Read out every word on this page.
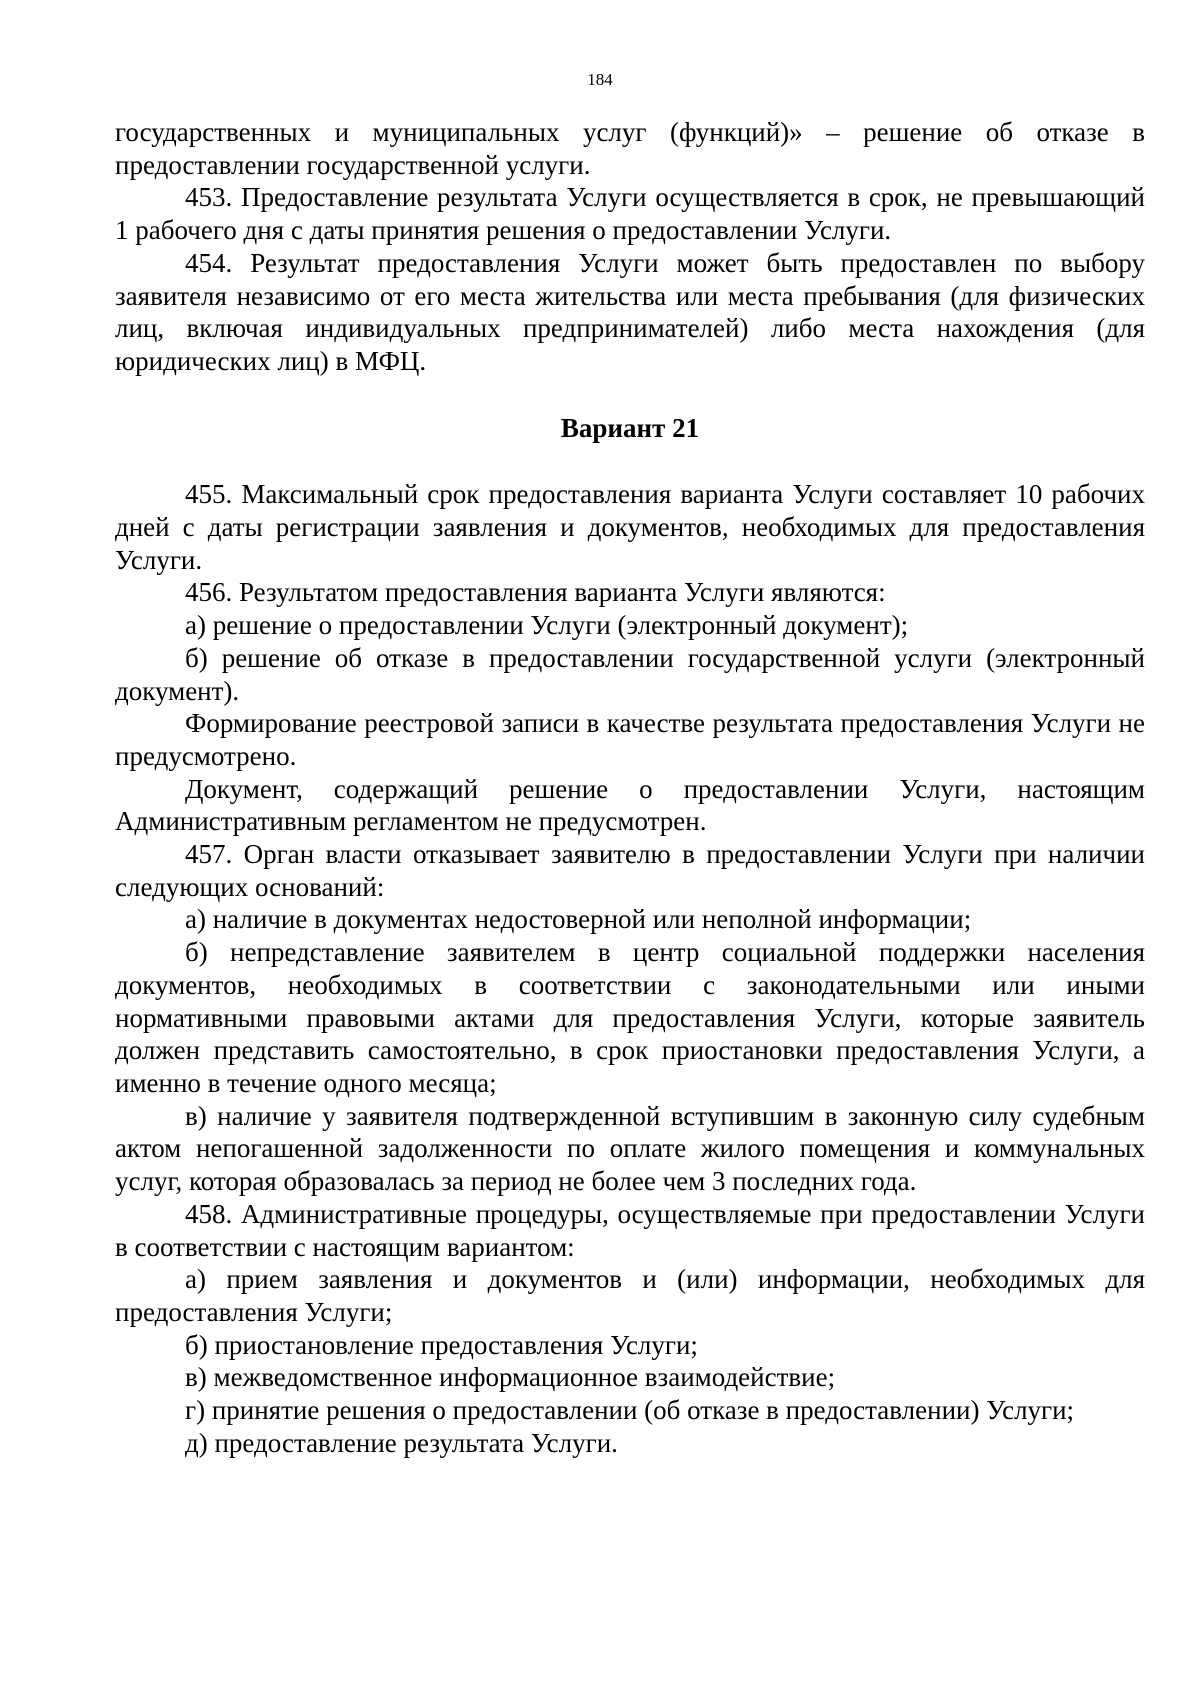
184

государственных и муниципальных услуг (функций)» – решение об отказе в предоставлении государственной услуги.

453. Предоставление результата Услуги осуществляется в срок, не превышающий 1 рабочего дня с даты принятия решения о предоставлении Услуги.

454. Результат предоставления Услуги может быть предоставлен по выбору заявителя независимо от его места жительства или места пребывания (для физических лиц, включая индивидуальных предпринимателей) либо места нахождения (для юридических лиц) в МФЦ.

Вариант 21

455. Максимальный срок предоставления варианта Услуги составляет 10 рабочих дней с даты регистрации заявления и документов, необходимых для предоставления Услуги.

456. Результатом предоставления варианта Услуги являются:

а) решение о предоставлении Услуги (электронный документ);

б) решение об отказе в предоставлении государственной услуги (электронный документ).

Формирование реестровой записи в качестве результата предоставления Услуги не предусмотрено.

Документ, содержащий решение о предоставлении Услуги, настоящим Административным регламентом не предусмотрен.

457. Орган власти отказывает заявителю в предоставлении Услуги при наличии следующих оснований:

а) наличие в документах недостоверной или неполной информации;

б) непредставление заявителем в центр социальной поддержки населения документов, необходимых в соответствии с законодательными или иными нормативными правовыми актами для предоставления Услуги, которые заявитель должен представить самостоятельно, в срок приостановки предоставления Услуги, а именно в течение одного месяца;

в) наличие у заявителя подтвержденной вступившим в законную силу судебным актом непогашенной задолженности по оплате жилого помещения и коммунальных услуг, которая образовалась за период не более чем 3 последних года.

458. Административные процедуры, осуществляемые при предоставлении Услуги в соответствии с настоящим вариантом:

а) прием заявления и документов и (или) информации, необходимых для предоставления Услуги;

б) приостановление предоставления Услуги;

в) межведомственное информационное взаимодействие;

г) принятие решения о предоставлении (об отказе в предоставлении) Услуги;

д) предоставление результата Услуги.
